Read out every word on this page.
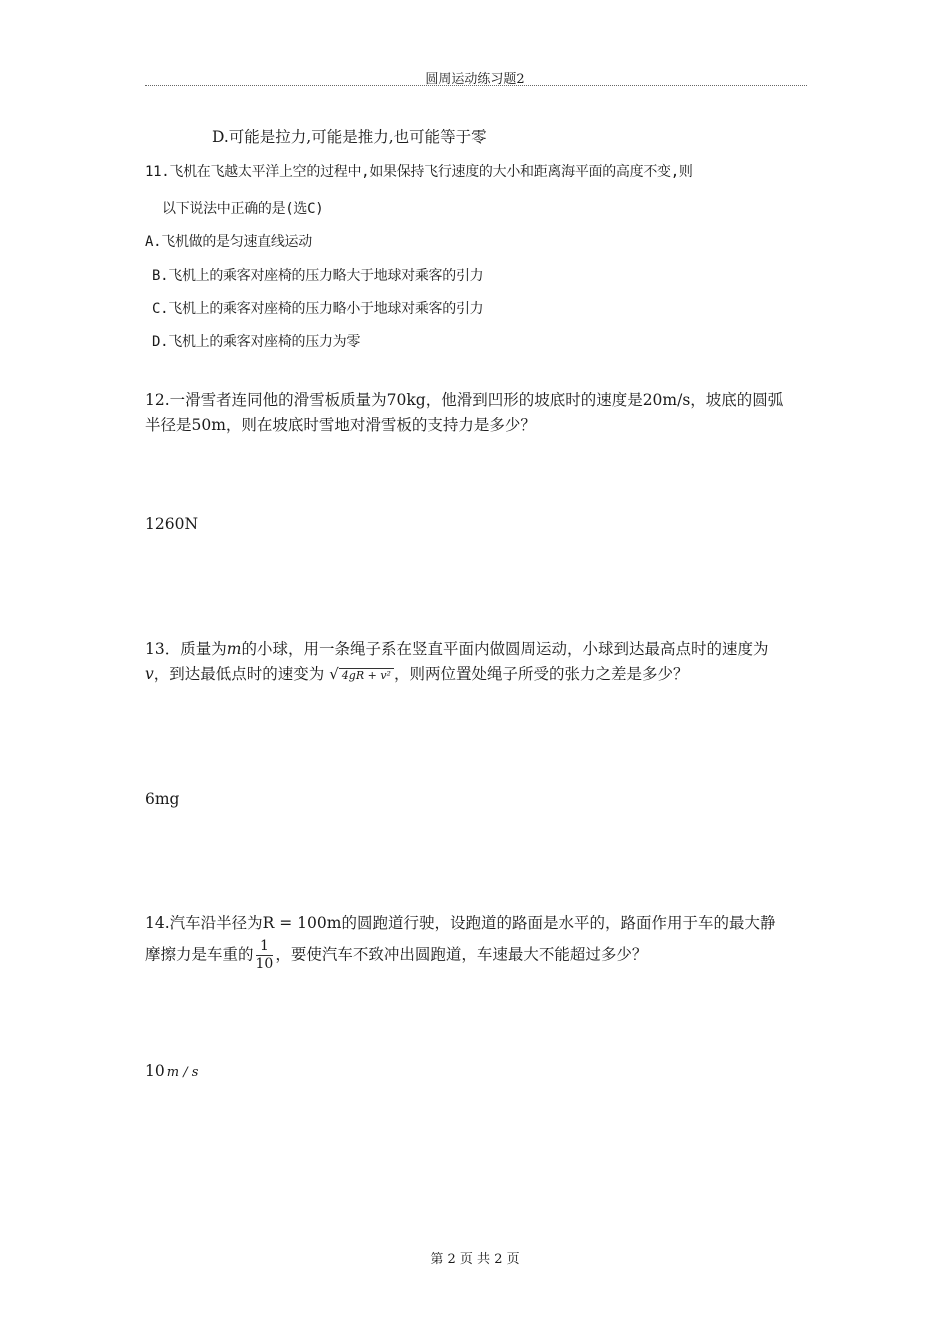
圆周运动练习题2
D.可能是拉力,可能是推力,也可能等于零
11.飞机在飞越太平洋上空的过程中,如果保持飞行速度的大小和距离海平面的高度不变,则
以下说法中正确的是(选C)
A.飞机做的是匀速直线运动
B.飞机上的乘客对座椅的压力略大于地球对乘客的引力
C.飞机上的乘客对座椅的压力略小于地球对乘客的引力
D.飞机上的乘客对座椅的压力为零
12.一滑雪者连同他的滑雪板质量为70kg，他滑到凹形的坡底时的速度是20m/s，坡底的圆弧
半径是50m，则在坡底时雪地对滑雪板的支持力是多少？
1260N
13．质量为m的小球，用一条绳子系在竖直平面内做圆周运动，小球到达最高点时的速度为
v，到达最低点时的速变为 √ 4gR + v² ，则两位置处绳子所受的张力之差是多少？
6mg
14.汽车沿半径为R = 100m的圆跑道行驶，设跑道的路面是水平的，路面作用于车的最大静
摩擦力是车重的 $\frac{1}{10}$ ，要使汽车不致冲出圆跑道，车速最大不能超过多少？
10 m / s
第 2 页 共 2 页
